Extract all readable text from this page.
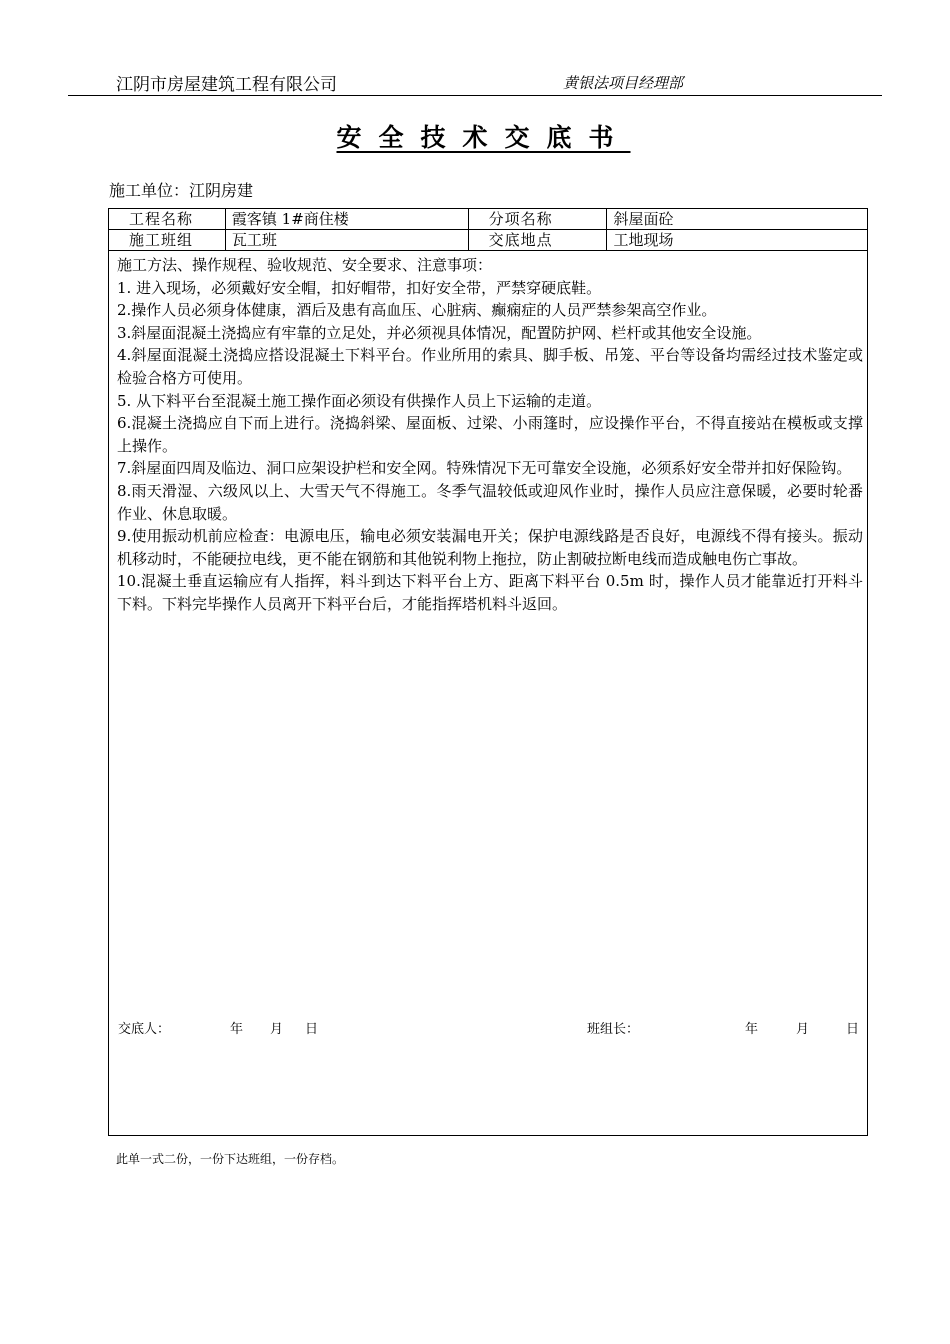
江阴市房屋建筑工程有限公司	黄银法项目经理部
安全技术交底书
施工单位：江阴房建
工程名称	霞客镇 1#商住楼	分项名称	斜屋面砼
施工班组	瓦工班	交底地点	工地现场

施工方法、操作规程、验收规范、安全要求、注意事项：

1. 进入现场，必须戴好安全帽，扣好帽带，扣好安全带，严禁穿硬底鞋。

2.操作人员必须身体健康，酒后及患有高血压、心脏病、癫痫症的人员严禁参架高空作业。

3.斜屋面混凝土浇捣应有牢靠的立足处，并必须视具体情况，配置防护网、栏杆或其他安全设施。

4.斜屋面混凝土浇捣应搭设混凝土下料平台。作业所用的索具、脚手板、吊笼、平台等设备均需经过技术鉴定或检验合格方可使用。

5. 从下料平台至混凝土施工操作面必须设有供操作人员上下运输的走道。

6.混凝土浇捣应自下而上进行。浇捣斜梁、屋面板、过梁、小雨篷时，应设操作平台，不得直接站在模板或支撑上操作。

7.斜屋面四周及临边、洞口应架设护栏和安全网。特殊情况下无可靠安全设施，必须系好安全带并扣好保险钩。

8.雨天滑湿、六级风以上、大雪天气不得施工。冬季气温较低或迎风作业时，操作人员应注意保暖，必要时轮番作业、休息取暖。

9.使用振动机前应检查：电源电压，输电必须安装漏电开关；保护电源线路是否良好，电源线不得有接头。振动机移动时，不能硬拉电线，更不能在钢筋和其他锐利物上拖拉，防止割破拉断电线而造成触电伤亡事故。

10.混凝土垂直运输应有人指挥，料斗到达下料平台上方、距离下料平台 0.5m 时，操作人员才能靠近打开料斗下料。下料完毕操作人员离开下料平台后，才能指挥塔机料斗返回。

交底人：	年 月 日	班组长：	年	月	日
此单一式二份，一份下达班组，一份存档。
